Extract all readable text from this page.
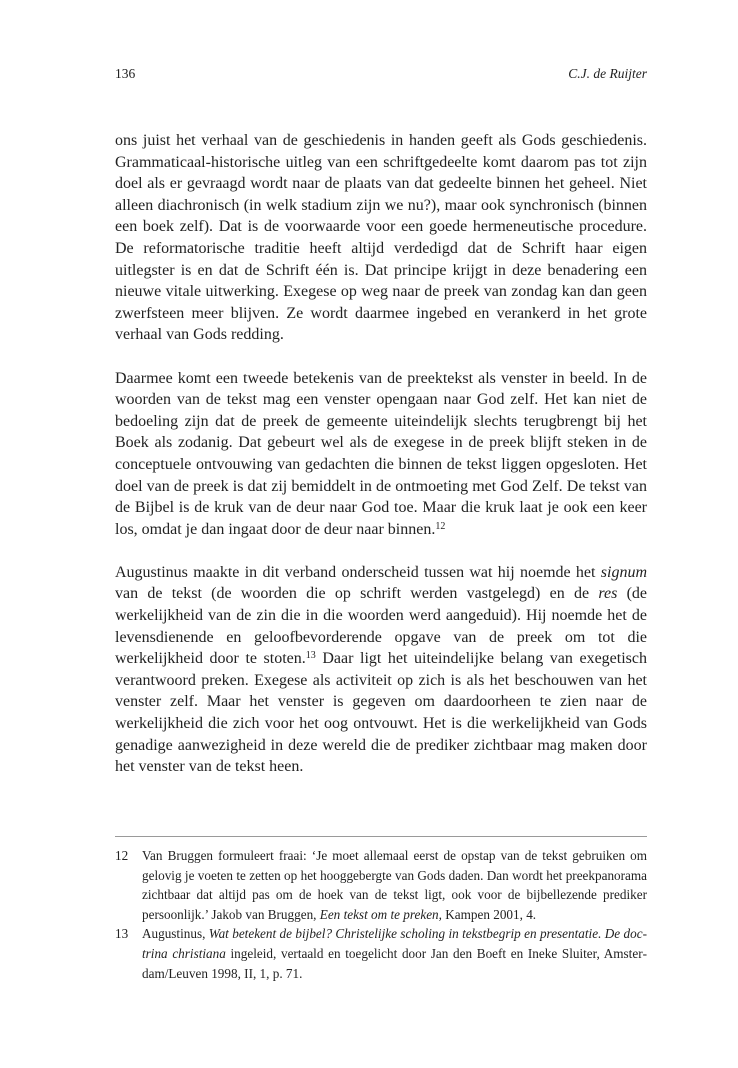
136	C.J. de Ruijter

ons juist het verhaal van de geschiedenis in handen geeft als Gods geschiedenis. Grammaticaal-historische uitleg van een schriftgedeelte komt daarom pas tot zijn doel als er gevraagd wordt naar de plaats van dat gedeelte binnen het geheel. Niet alleen diachronisch (in welk stadium zijn we nu?), maar ook synchronisch (binnen een boek zelf). Dat is de voorwaarde voor een goede hermeneutische procedure. De reformatorische traditie heeft altijd verdedigd dat de Schrift haar eigen uitlegster is en dat de Schrift één is. Dat principe krijgt in deze benadering een nieuwe vitale uitwerking. Exegese op weg naar de preek van zondag kan dan geen zwerfsteen meer blijven. Ze wordt daarmee ingebed en verankerd in het grote verhaal van Gods redding.

Daarmee komt een tweede betekenis van de preektekst als venster in beeld. In de woorden van de tekst mag een venster opengaan naar God zelf. Het kan niet de bedoeling zijn dat de preek de gemeente uiteindelijk slechts terugbrengt bij het Boek als zodanig. Dat gebeurt wel als de exegese in de preek blijft steken in de conceptuele ontvouwing van gedachten die binnen de tekst liggen opgesloten. Het doel van de preek is dat zij bemiddelt in de ontmoeting met God Zelf. De tekst van de Bijbel is de kruk van de deur naar God toe. Maar die kruk laat je ook een keer los, omdat je dan ingaat door de deur naar binnen.$^{12}$

Augustinus maakte in dit verband onderscheid tussen wat hij noemde het signum van de tekst (de woorden die op schrift werden vastgelegd) en de res (de werkelijkheid van de zin die in die woorden werd aangeduid). Hij noemde het de levensdienende en geloofbevorderende opgave van de preek om tot die werkelijkheid door te stoten.$^{13}$ Daar ligt het uiteindelijke belang van exegetisch verantwoord preken. Exegese als activiteit op zich is als het beschouwen van het venster zelf. Maar het venster is gegeven om daardoorheen te zien naar de werkelijkheid die zich voor het oog ontvouwt. Het is die werkelijkheid van Gods genadige aanwezigheid in deze wereld die de prediker zichtbaar mag maken door het venster van de tekst heen.

12	Van Bruggen formuleert fraai: ‘Je moet allemaal eerst de opstap van de tekst gebruiken om gelovig je voeten te zetten op het hooggebergte van Gods daden. Dan wordt het preekpanorama zichtbaar dat altijd pas om de hoek van de tekst ligt, ook voor de bijbellezende prediker persoonlijk.’ Jakob van Bruggen, Een tekst om te preken, Kampen 2001, 4.
13	Augustinus, Wat betekent de bijbel? Christelijke scholing in tekstbegrip en presentatie. De doctrina christiana ingeleid, vertaald en toegelicht door Jan den Boeft en Ineke Sluiter, Amsterdam/Leuven 1998, II, 1, p. 71.
